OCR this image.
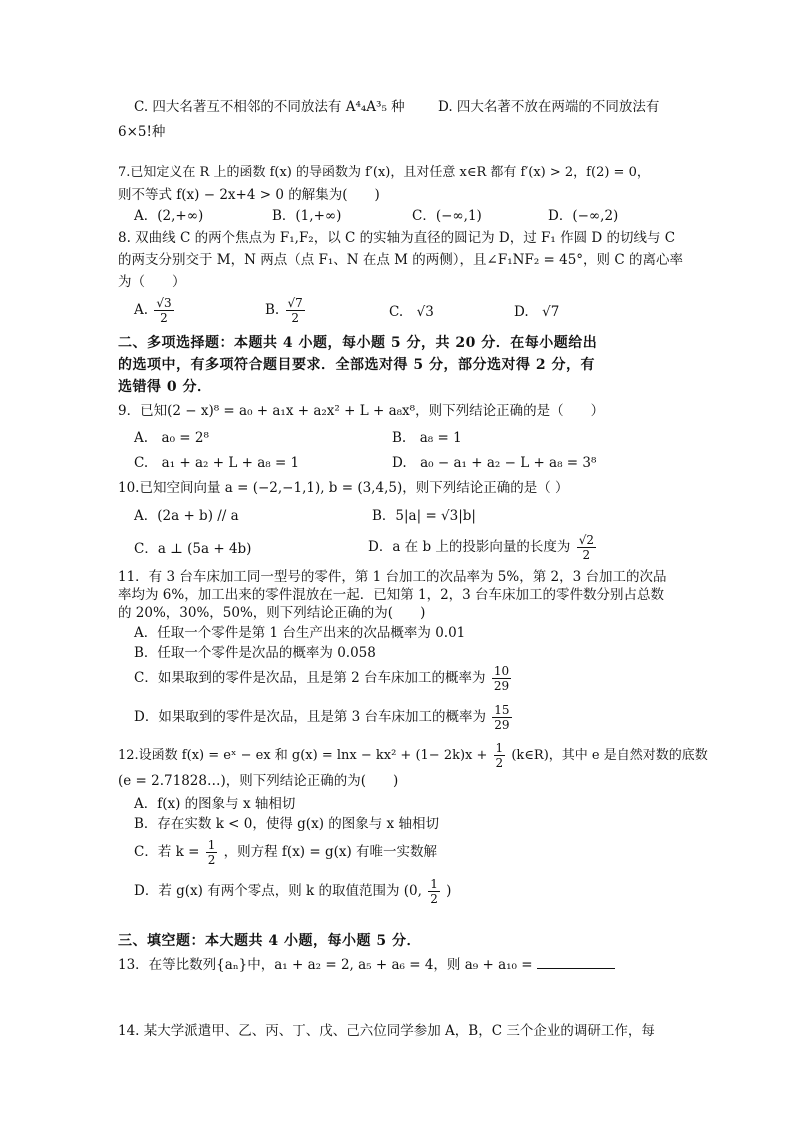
C. 四大名著互不相邻的不同放法有 A⁴₄A³₅ 种 D. 四大名著不放在两端的不同放法有
6×5!种
7.已知定义在 R 上的函数 f(x) 的导函数为 f′(x)，且对任意 x∈R 都有 f′(x) > 2，f(2) = 0，
则不等式 f(x) − 2x+4 > 0 的解集为(　　)
A．(2,+∞)	B．(1,+∞)	C．(−∞,1)	D．(−∞,2)
8. 双曲线 C 的两个焦点为 F₁,F₂，以 C 的实轴为直径的圆记为 D，过 F₁ 作圆 D 的切线与 C
的两支分别交于 M，N 两点（点 F₁、N 在点 M 的两侧），且∠F₁NF₂ = 45°，则 C 的离心率
为（　　）
A. $\frac{√3}{2}$	B. $\frac{√7}{2}$	C.　√3	D.　√7
二、多项选择题：本题共 4 小题，每小题 5 分，共 20 分．在每小题给出
的选项中，有多项符合题目要求．全部选对得 5 分，部分选对得 2 分，有
选错得 0 分．
9．已知(2 − x)⁸ = a₀ + a₁x + a₂x² + L + a₈x⁸，则下列结论正确的是（　　）
A.　a₀ = 2⁸	B.　a₈ = 1
C.　a₁ + a₂ + L + a₈ = 1	D.　a₀ − a₁ + a₂ − L + a₈ = 3⁸
10.已知空间向量 a = (−2,−1,1), b = (3,4,5)，则下列结论正确的是（ ）
A．(2a + b) // a	B．5|a| = √3|b|
C．a ⊥ (5a + 4b)	D．a 在 b 上的投影向量的长度为 $\frac{√2}{2}$
11．有 3 台车床加工同一型号的零件，第 1 台加工的次品率为 5%，第 2，3 台加工的次品
率均为 6%，加工出来的零件混放在一起．已知第 1，2，3 台车床加工的零件数分别占总数
的 20%，30%，50%，则下列结论正确的为(　　)
A．任取一个零件是第 1 台生产出来的次品概率为 0.01
B．任取一个零件是次品的概率为 0.058
C．如果取到的零件是次品，且是第 2 台车床加工的概率为 $\frac{10}{29}$
D．如果取到的零件是次品，且是第 3 台车床加工的概率为 $\frac{15}{29}$
12.设函数 f(x) = eˣ − ex 和 $g(x) = \ln x - kx^2 + (1- 2k)x + \frac{1}{2}$ (k∈R)，其中 e 是自然对数的底数
(e = 2.71828…)，则下列结论正确的为(　　)
A．f(x) 的图象与 x 轴相切
B．存在实数 k < 0，使得 g(x) 的图象与 x 轴相切
C．若 $k = \frac{1}{2}$ ，则方程 f(x) = g(x) 有唯一实数解
D．若 g(x) 有两个零点，则 k 的取值范围为 (0, $\frac{1}{2}$ )
三、填空题：本大题共 4 小题，每小题 5 分．
13．在等比数列{aₙ}中，a₁ + a₂ = 2, a₅ + a₆ = 4，则 a₉ + a₁₀ =
14. 某大学派遣甲、乙、丙、丁、戊、己六位同学参加 A，B，C 三个企业的调研工作，每
